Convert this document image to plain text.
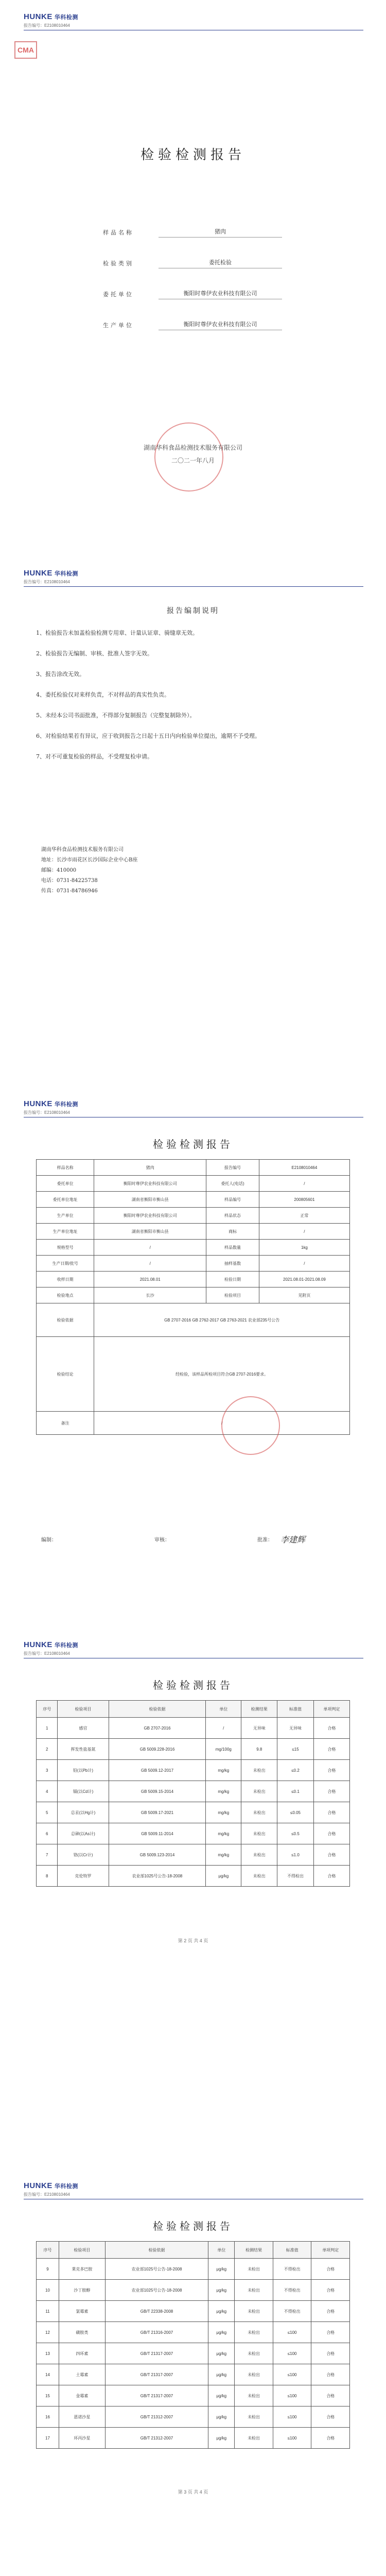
HUNKE 华科检测
报告编号：E2108010464
CMA
检验检测报告
样品名称	猪肉
检验类别	委托检验
委托单位	衡阳时尊伊农业科技有限公司
生产单位	衡阳时尊伊农业科技有限公司
湖南华科食品检测技术服务有限公司
二〇二一年八月
HUNKE 华科检测
报告编号：E2108010464
报告编制说明
1、检验报告未加盖检验检测专用章、计量认证章、骑缝章无效。
2、检验报告无编制、审核、批准人签字无效。
3、报告涂改无效。
4、委托检验仅对来样负责，不对样品的真实性负责。
5、未经本公司书面批准，不得部分复制报告（完整复制除外）。
6、对检验结果若有异议，应于收到报告之日起十五日内向检验单位提出，逾期不予受理。
7、对不可重复检验的样品，不受理复检申请。
湖南华科食品检测技术服务有限公司
地址：长沙市雨花区长沙国际企业中心B座
邮编：410000
电话：0731-84225738
传真：0731-84786946
HUNKE 华科检测
报告编号：E2108010464
检验检测报告
样品名称	猪肉	报告编号	E2108010464
委托单位	衡阳时尊伊农业科技有限公司	委托人(电话)	/
委托单位地址	湖南省衡阳市衡山县	样品编号	200805601
生产单位	衡阳时尊伊农业科技有限公司	样品状态	正常
生产单位地址	湖南省衡阳市衡山县	商标	/
规格型号	/	样品数量	1kg
生产日期/批号	/	抽样基数	/
收样日期	2021.08.01	检验日期	2021.08.01-2021.08.09
检验地点	长沙	检验项目	见附页
检验依据	GB 2707-2016 GB 2762-2017 GB 2763-2021 农业部235号公告		
检验结论	经检验，该样品所检项目符合GB 2707-2016要求。		
备注	/		
编制：	审核：	批准： 李建辉
HUNKE 华科检测
报告编号：E2108010464
检验检测报告
序号	检验项目	检验依据	单位	检测结果	标准值	单项判定
1	感官	GB 2707-2016	/	无异味	无异味	合格
2	挥发性盐基氮	GB 5009.228-2016	mg/100g	9.8	≤15	合格
3	铅(以Pb计)	GB 5009.12-2017	mg/kg	未检出	≤0.2	合格
4	镉(以Cd计)	GB 5009.15-2014	mg/kg	未检出	≤0.1	合格
5	总汞(以Hg计)	GB 5009.17-2021	mg/kg	未检出	≤0.05	合格
6	总砷(以As计)	GB 5009.11-2014	mg/kg	未检出	≤0.5	合格
7	铬(以Cr计)	GB 5009.123-2014	mg/kg	未检出	≤1.0	合格
8	克伦特罗	农业部1025号公告-18-2008	μg/kg	未检出	不得检出	合格
第 2 页 共 4 页
HUNKE 华科检测
报告编号：E2108010464
检验检测报告
序号	检验项目	检验依据	单位	检测结果	标准值	单项判定
9	莱克多巴胺	农业部1025号公告-18-2008	μg/kg	未检出	不得检出	合格
10	沙丁胺醇	农业部1025号公告-18-2008	μg/kg	未检出	不得检出	合格
11	氯霉素	GB/T 22338-2008	μg/kg	未检出	不得检出	合格
12	磺胺类	GB/T 21316-2007	μg/kg	未检出	≤100	合格
13	四环素	GB/T 21317-2007	μg/kg	未检出	≤100	合格
14	土霉素	GB/T 21317-2007	μg/kg	未检出	≤100	合格
15	金霉素	GB/T 21317-2007	μg/kg	未检出	≤100	合格
16	恩诺沙星	GB/T 21312-2007	μg/kg	未检出	≤100	合格
17	环丙沙星	GB/T 21312-2007	μg/kg	未检出	≤100	合格
第 3 页 共 4 页
